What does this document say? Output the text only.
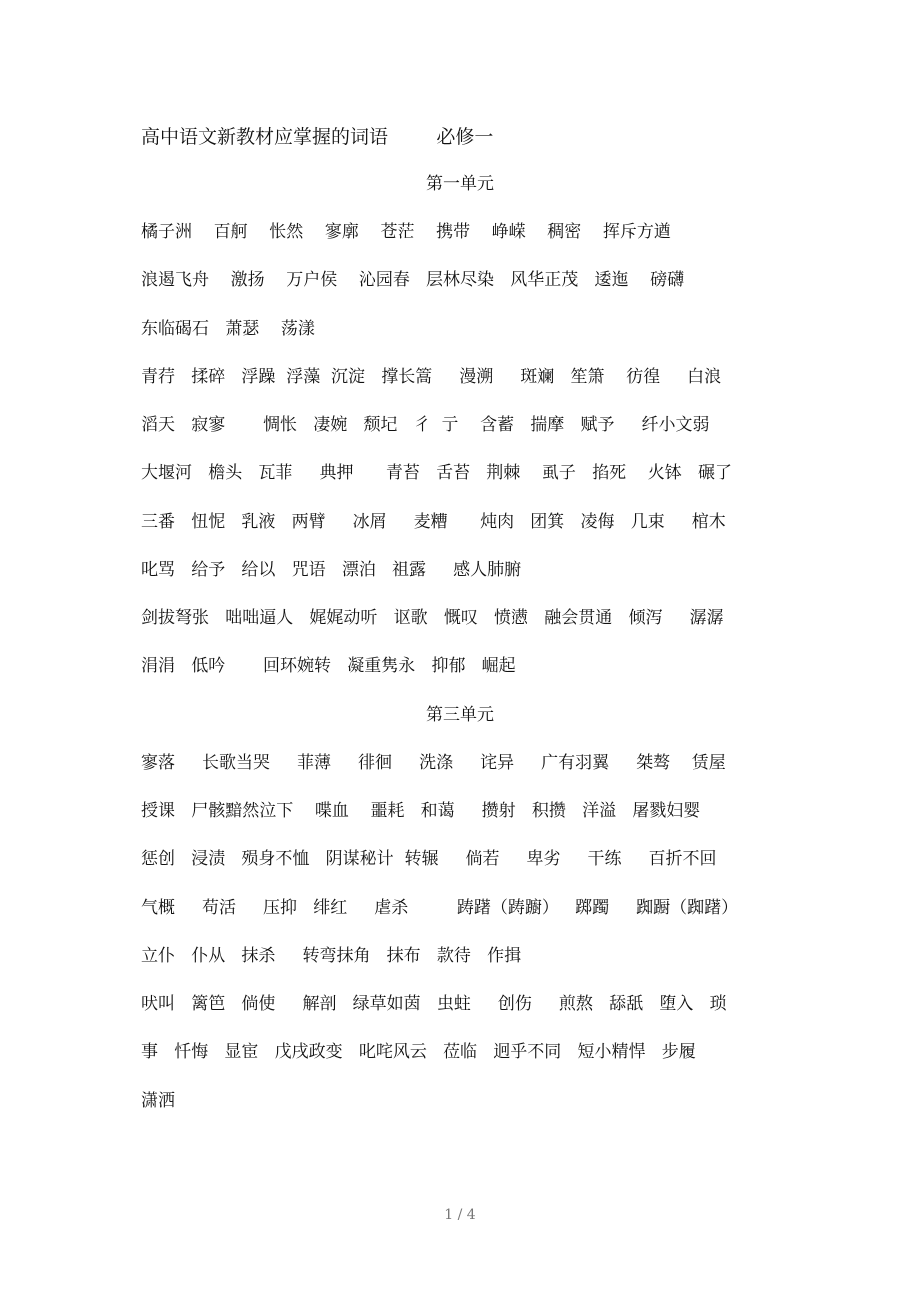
高中语文新教材应掌握的词语        必修一
第一单元
橘子洲    百舸    怅然    寥廓    苍茫    携带    峥嵘    稠密    挥斥方遒
浪遏飞舟    激扬    万户侯    沁园春   层林尽染   风华正茂   逶迤    磅礴
东临碣石   萧瑟    荡漾
青荇   揉碎   浮躁  浮藻  沉淀   撑长篙     漫溯     斑斓   笙箫    彷徨     白浪
滔天   寂寥       惆怅   凄婉   颓圮   彳  亍    含蓄   揣摩   赋予     纤小文弱
大堰河   檐头   瓦菲     典押      青苔   舌苔   荆棘    虱子   掐死    火钵   碾了
三番   忸怩   乳液   两臂     冰屑     麦糟      炖肉   团箕   凌侮   几束     棺木
叱骂   给予   给以   咒语   漂泊   祖露     感人肺腑
剑拔弩张   咄咄逼人   娓娓动听   讴歌   慨叹   愤懑   融会贯通   倾泻     潺潺
涓涓   低吟       回环婉转   凝重隽永   抑郁   崛起
第三单元
寥落     长歌当哭     菲薄     徘徊     洗涤     诧异     广有羽翼     桀骜    赁屋
授课   尸骸黯然泣下    喋血    噩耗   和蔼     攒射   积攒   洋溢   屠戮妇婴
惩创   浸渍   殒身不恤   阴谋秘计  转辗     倘若     卑劣     干练     百折不回
气概     苟活     压抑   绯红     虐杀         踌躇（踌躕）   踯躅     踟蹰（踟躇）
立仆   仆从   抹杀     转弯抹角   抹布   款待   作揖
吠叫   篱笆   倘使     解剖   绿草如茵   虫蛀     创伤     煎熬   舔舐   堕入   琐
事   忏悔   显宦   戊戌政变   叱咤风云   莅临   迥乎不同   短小精悍   步履
潇洒
1 / 4
